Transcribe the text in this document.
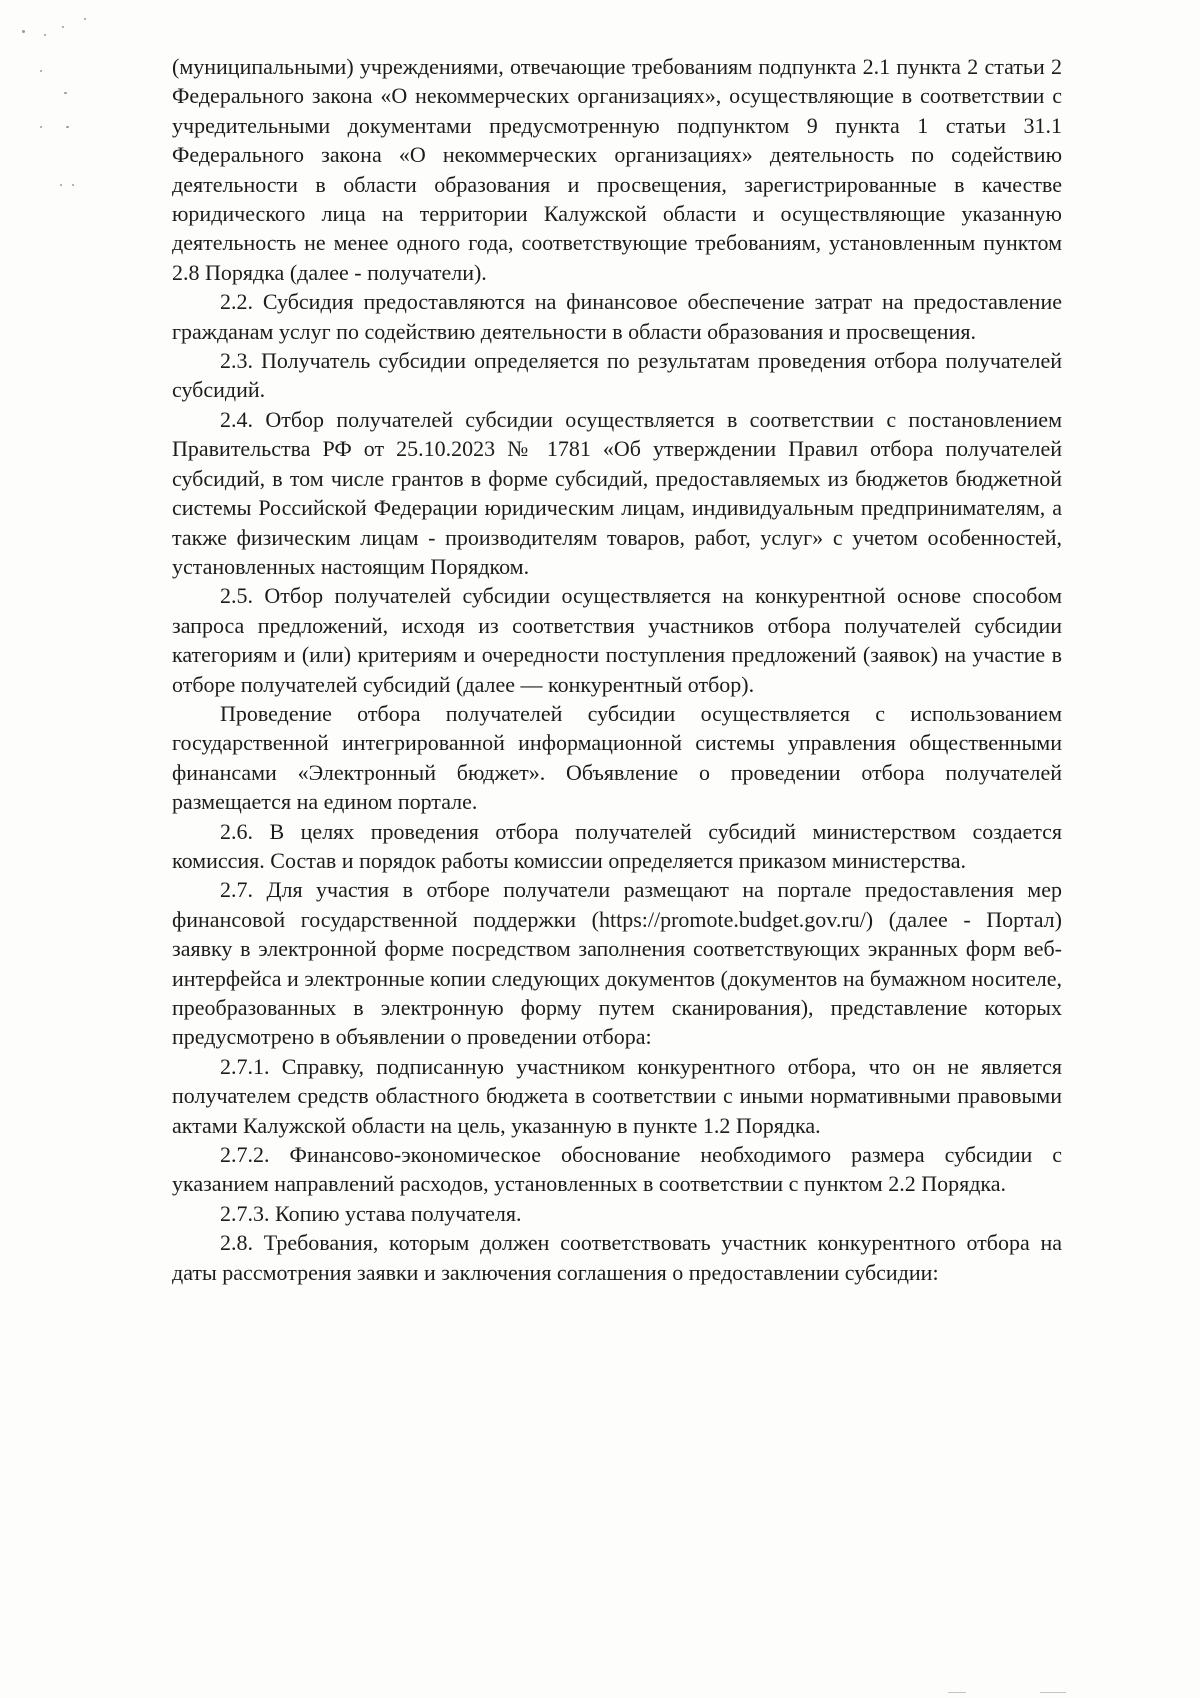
(муниципальными) учреждениями, отвечающие требованиям подпункта 2.1 пункта 2 статьи 2 Федерального закона «О некоммерческих организациях», осуществляющие в соответствии с учредительными документами предусмотренную подпунктом 9 пункта 1 статьи 31.1 Федерального закона «О некоммерческих организациях» деятельность по содействию деятельности в области образования и просвещения, зарегистрированные в качестве юридического лица на территории Калужской области и осуществляющие указанную деятельность не менее одного года, соответствующие требованиям, установленным пунктом 2.8 Порядка (далее - получатели).

2.2. Субсидия предоставляются на финансовое обеспечение затрат на предоставление гражданам услуг по содействию деятельности в области образования и просвещения.

2.3. Получатель субсидии определяется по результатам проведения отбора получателей субсидий.

2.4. Отбор получателей субсидии осуществляется в соответствии с постановлением Правительства РФ от 25.10.2023 № 1781 «Об утверждении Правил отбора получателей субсидий, в том числе грантов в форме субсидий, предоставляемых из бюджетов бюджетной системы Российской Федерации юридическим лицам, индивидуальным предпринимателям, а также физическим лицам - производителям товаров, работ, услуг» с учетом особенностей, установленных настоящим Порядком.

2.5. Отбор получателей субсидии осуществляется на конкурентной основе способом запроса предложений, исходя из соответствия участников отбора получателей субсидии категориям и (или) критериям и очередности поступления предложений (заявок) на участие в отборе получателей субсидий (далее — конкурентный отбор).

Проведение отбора получателей субсидии осуществляется с использованием государственной интегрированной информационной системы управления общественными финансами «Электронный бюджет». Объявление о проведении отбора получателей размещается на едином портале.

2.6. В целях проведения отбора получателей субсидий министерством создается комиссия. Состав и порядок работы комиссии определяется приказом министерства.

2.7. Для участия в отборе получатели размещают на портале предоставления мер финансовой государственной поддержки (https://promote.budget.gov.ru/) (далее - Портал) заявку в электронной форме посредством заполнения соответствующих экранных форм веб-интерфейса и электронные копии следующих документов (документов на бумажном носителе, преобразованных в электронную форму путем сканирования), представление которых предусмотрено в объявлении о проведении отбора:

2.7.1. Справку, подписанную участником конкурентного отбора, что он не является получателем средств областного бюджета в соответствии с иными нормативными правовыми актами Калужской области на цель, указанную в пункте 1.2 Порядка.

2.7.2. Финансово-экономическое обоснование необходимого размера субсидии с указанием направлений расходов, установленных в соответствии с пунктом 2.2 Порядка.

2.7.3. Копию устава получателя.

2.8. Требования, которым должен соответствовать участник конкурентного отбора на даты рассмотрения заявки и заключения соглашения о предоставлении субсидии:
